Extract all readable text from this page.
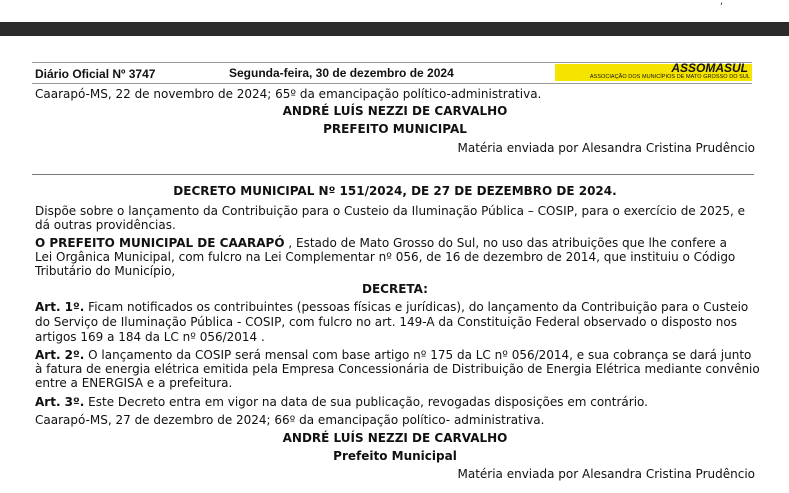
,
Diário Oficial Nº 3747	Segunda-feira, 30 de dezembro de 2024	ASSOMASUL
ASSOCIAÇÃO DOS MUNICÍPIOS DE MATO GROSSO DO SUL
Caarapó-MS, 22 de novembro de 2024; 65º da emancipação político-administrativa.
ANDRÉ LUÍS NEZZI DE CARVALHO
PREFEITO MUNICIPAL
Matéria enviada por Alesandra Cristina Prudêncio
DECRETO MUNICIPAL Nº 151/2024, DE 27 DE DEZEMBRO DE 2024.
Dispõe sobre o lançamento da Contribuição para o Custeio da Iluminação Pública – COSIP, para o exercício de 2025, e
dá outras providências.
O PREFEITO MUNICIPAL DE CAARAPÓ , Estado de Mato Grosso do Sul, no uso das atribuições que lhe confere a
Lei Orgânica Municipal, com fulcro na Lei Complementar nº 056, de 16 de dezembro de 2014, que instituiu o Código
Tributário do Município,
DECRETA:
Art. 1º. Ficam notificados os contribuintes (pessoas físicas e jurídicas), do lançamento da Contribuição para o Custeio
do Serviço de Iluminação Pública - COSIP, com fulcro no art. 149-A da Constituição Federal observado o disposto nos
artigos 169 a 184 da LC nº 056/2014 .
Art. 2º. O lançamento da COSIP será mensal com base artigo nº 175 da LC nº 056/2014, e sua cobrança se dará junto
à fatura de energia elétrica emitida pela Empresa Concessionária de Distribuição de Energia Elétrica mediante convênio
entre a ENERGISA e a prefeitura.
Art. 3º. Este Decreto entra em vigor na data de sua publicação, revogadas disposições em contrário.
Caarapó-MS, 27 de dezembro de 2024; 66º da emancipação político- administrativa.
ANDRÉ LUÍS NEZZI DE CARVALHO
Prefeito Municipal
Matéria enviada por Alesandra Cristina Prudêncio
